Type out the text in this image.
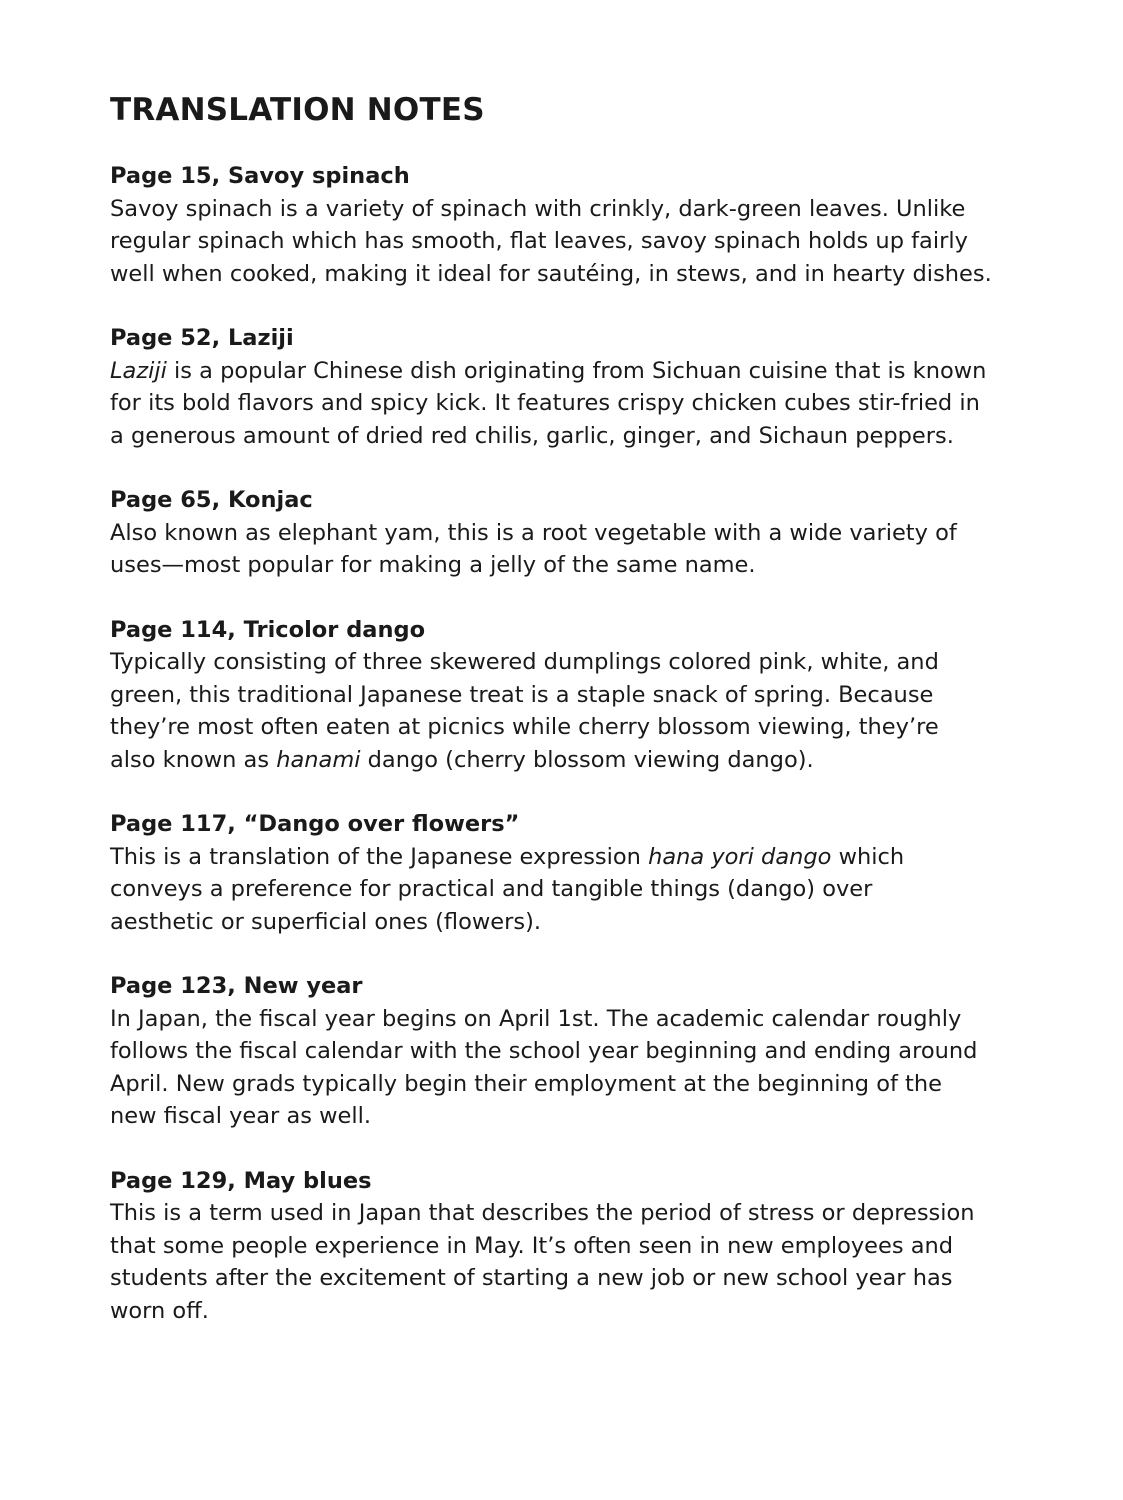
TRANSLATION NOTES
Page 15, Savoy spinach

Savoy spinach is a variety of spinach with crinkly, dark-green leaves. Unlike
regular spinach which has smooth, flat leaves, savoy spinach holds up fairly
well when cooked, making it ideal for sautéing, in stews, and in hearty dishes.

Page 52, Laziji

Laziji is a popular Chinese dish originating from Sichuan cuisine that is known
for its bold flavors and spicy kick. It features crispy chicken cubes stir-fried in
a generous amount of dried red chilis, garlic, ginger, and Sichaun peppers.

Page 65, Konjac

Also known as elephant yam, this is a root vegetable with a wide variety of
uses—most popular for making a jelly of the same name.

Page 114, Tricolor dango

Typically consisting of three skewered dumplings colored pink, white, and
green, this traditional Japanese treat is a staple snack of spring. Because
they’re most often eaten at picnics while cherry blossom viewing, they’re
also known as hanami dango (cherry blossom viewing dango).

Page 117, “Dango over flowers”

This is a translation of the Japanese expression hana yori dango which
conveys a preference for practical and tangible things (dango) over
aesthetic or superficial ones (flowers).

Page 123, New year

In Japan, the fiscal year begins on April 1st. The academic calendar roughly
follows the fiscal calendar with the school year beginning and ending around
April. New grads typically begin their employment at the beginning of the
new fiscal year as well.

Page 129, May blues

This is a term used in Japan that describes the period of stress or depression
that some people experience in May. It’s often seen in new employees and
students after the excitement of starting a new job or new school year has
worn off.
